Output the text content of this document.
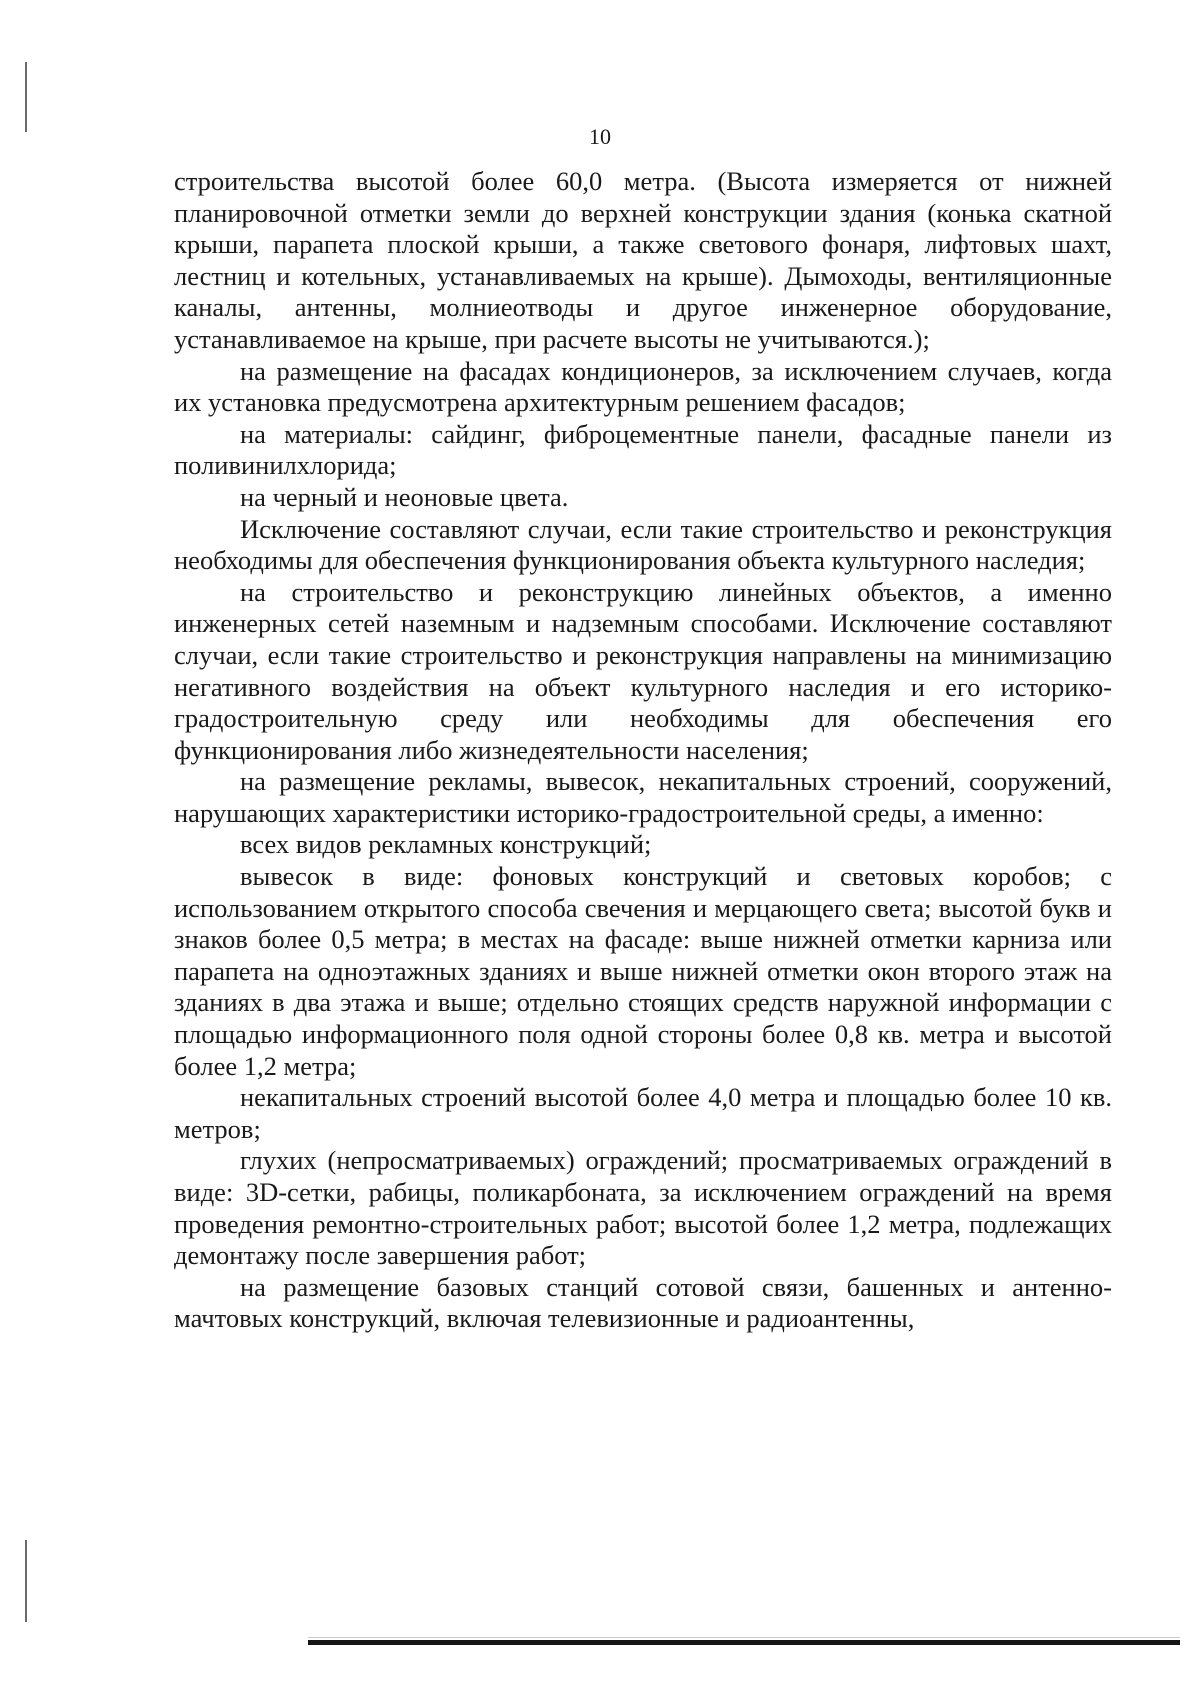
10

строительства высотой более 60,0 метра. (Высота измеряется от нижней планировочной отметки земли до верхней конструкции здания (конька скатной крыши, парапета плоской крыши, а также светового фонаря, лифтовых шахт, лестниц и котельных, устанавливаемых на крыше). Дымоходы, вентиляционные каналы, антенны, молниеотводы и другое инженерное оборудование, устанавливаемое на крыше, при расчете высоты не учитываются.);

на размещение на фасадах кондиционеров, за исключением случаев, когда их установка предусмотрена архитектурным решением фасадов;

на материалы: сайдинг, фиброцементные панели, фасадные панели из поливинилхлорида;

на черный и неоновые цвета.

Исключение составляют случаи, если такие строительство и реконструкция необходимы для обеспечения функционирования объекта культурного наследия;

на строительство и реконструкцию линейных объектов, а именно инженерных сетей наземным и надземным способами. Исключение составляют случаи, если такие строительство и реконструкция направлены на минимизацию негативного воздействия на объект культурного наследия и его историко-градостроительную среду или необходимы для обеспечения его функционирования либо жизнедеятельности населения;

на размещение рекламы, вывесок, некапитальных строений, сооружений, нарушающих характеристики историко-градостроительной среды, а именно:

всех видов рекламных конструкций;

вывесок в виде: фоновых конструкций и световых коробов; с использованием открытого способа свечения и мерцающего света; высотой букв и знаков более 0,5 метра; в местах на фасаде: выше нижней отметки карниза или парапета на одноэтажных зданиях и выше нижней отметки окон второго этаж на зданиях в два этажа и выше; отдельно стоящих средств наружной информации с площадью информационного поля одной стороны более 0,8 кв. метра и высотой более 1,2 метра;

некапитальных строений высотой более 4,0 метра и площадью более 10 кв. метров;

глухих (непросматриваемых) ограждений; просматриваемых ограждений в виде: 3D-сетки, рабицы, поликарбоната, за исключением ограждений на время проведения ремонтно-строительных работ; высотой более 1,2 метра, подлежащих демонтажу после завершения работ;

на размещение базовых станций сотовой связи, башенных и антенно-мачтовых конструкций, включая телевизионные и радиоантенны,
